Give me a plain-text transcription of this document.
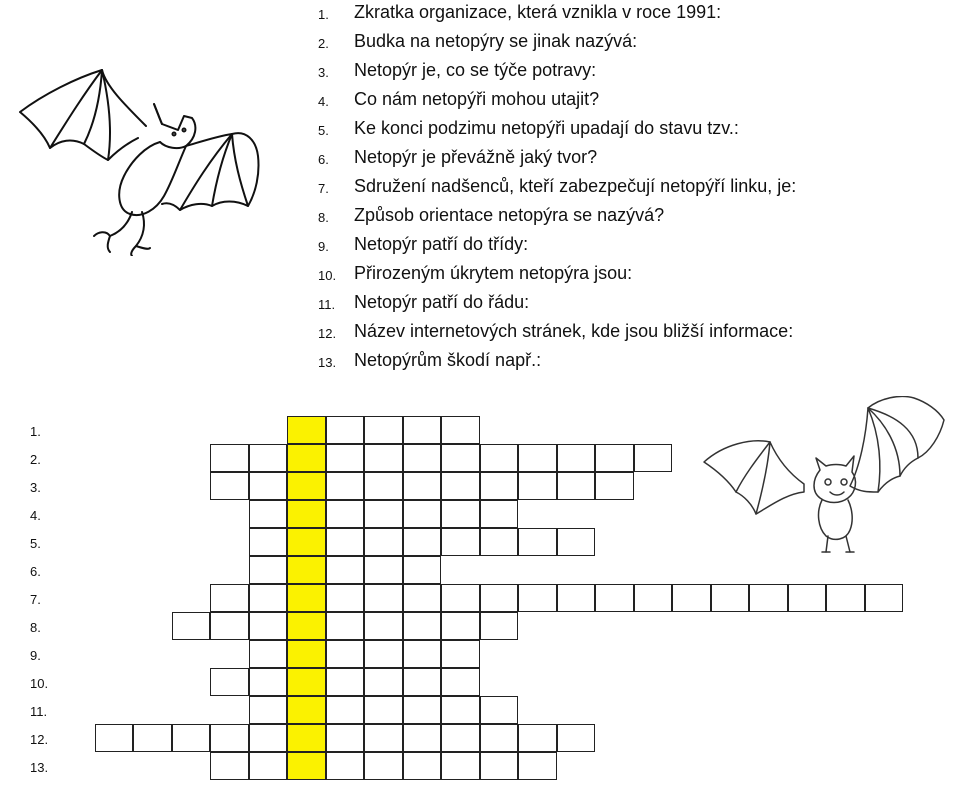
1. Zkratka organizace, která vznikla v roce 1991:
2. Budka na netopýry se jinak nazývá:
3. Netopýr je, co se týče potravy:
4. Co nám netopýři mohou utajit?
5. Ke konci podzimu netopýři upadají do stavu tzv.:
6. Netopýr je převážně jaký tvor?
7. Sdružení nadšenců, kteří zabezpečují netopýří linku, je:
8. Způsob orientace netopýra se nazývá?
9. Netopýr patří do třídy:
10. Přirozeným úkrytem netopýra jsou:
11. Netopýr patří do řádu:
12. Název internetových stránek, kde jsou bližší informace:
13. Netopýrům škodí např.:
1.
2.
3.
4.
5.
6.
7.
8.
9.
10.
11.
12.
13.
